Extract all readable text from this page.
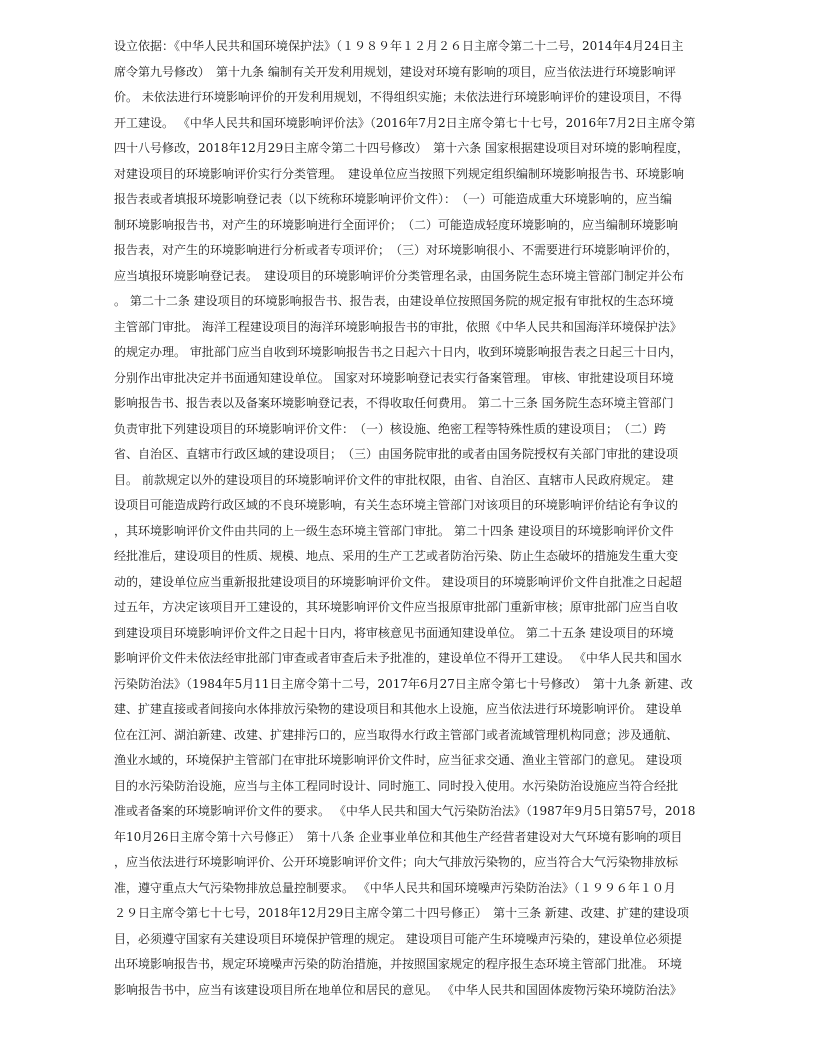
设立依据：《中华人民共和国环境保护法》（１９８９年１２月２６日主席令第二十二号，2014年4月24日主
席令第九号修改）　第十九条 编制有关开发利用规划，建设对环境有影响的项目，应当依法进行环境影响评
价。 未依法进行环境影响评价的开发利用规划，不得组织实施；未依法进行环境影响评价的建设项目，不得
开工建设。 《中华人民共和国环境影响评价法》（2016年7月2日主席令第七十七号，2016年7月2日主席令第
四十八号修改，2018年12月29日主席令第二十四号修改）　第十六条 国家根据建设项目对环境的影响程度，
对建设项目的环境影响评价实行分类管理。　建设单位应当按照下列规定组织编制环境影响报告书、环境影响
报告表或者填报环境影响登记表（以下统称环境影响评价文件）：　（一）可能造成重大环境影响的，应当编
制环境影响报告书，对产生的环境影响进行全面评价；　（二）可能造成轻度环境影响的，应当编制环境影响
报告表，对产生的环境影响进行分析或者专项评价；　（三）对环境影响很小、不需要进行环境影响评价的，
应当填报环境影响登记表。　建设项目的环境影响评价分类管理名录，由国务院生态环境主管部门制定并公布
。 第二十二条 建设项目的环境影响报告书、报告表，由建设单位按照国务院的规定报有审批权的生态环境
主管部门审批。 海洋工程建设项目的海洋环境影响报告书的审批，依照《中华人民共和国海洋环境保护法》
的规定办理。 审批部门应当自收到环境影响报告书之日起六十日内，收到环境影响报告表之日起三十日内，
分别作出审批决定并书面通知建设单位。 国家对环境影响登记表实行备案管理。 审核、审批建设项目环境
影响报告书、报告表以及备案环境影响登记表，不得收取任何费用。 第二十三条 国务院生态环境主管部门
负责审批下列建设项目的环境影响评价文件：　（一）核设施、绝密工程等特殊性质的建设项目；　（二）跨
省、自治区、直辖市行政区域的建设项目；　（三）由国务院审批的或者由国务院授权有关部门审批的建设项
目。 前款规定以外的建设项目的环境影响评价文件的审批权限，由省、自治区、直辖市人民政府规定。 建
设项目可能造成跨行政区域的不良环境影响，有关生态环境主管部门对该项目的环境影响评价结论有争议的
，其环境影响评价文件由共同的上一级生态环境主管部门审批。 第二十四条 建设项目的环境影响评价文件
经批准后，建设项目的性质、规模、地点、采用的生产工艺或者防治污染、防止生态破坏的措施发生重大变
动的，建设单位应当重新报批建设项目的环境影响评价文件。 建设项目的环境影响评价文件自批准之日起超
过五年，方决定该项目开工建设的，其环境影响评价文件应当报原审批部门重新审核；原审批部门应当自收
到建设项目环境影响评价文件之日起十日内，将审核意见书面通知建设单位。 第二十五条 建设项目的环境
影响评价文件未依法经审批部门审查或者审查后未予批准的，建设单位不得开工建设。 《中华人民共和国水
污染防治法》（1984年5月11日主席令第十二号，2017年6月27日主席令第七十号修改）　第十九条 新建、改
建、扩建直接或者间接向水体排放污染物的建设项目和其他水上设施，应当依法进行环境影响评价。 建设单
位在江河、湖泊新建、改建、扩建排污口的，应当取得水行政主管部门或者流域管理机构同意；涉及通航、
渔业水域的，环境保护主管部门在审批环境影响评价文件时，应当征求交通、渔业主管部门的意见。 建设项
目的水污染防治设施，应当与主体工程同时设计、同时施工、同时投入使用。水污染防治设施应当符合经批
准或者备案的环境影响评价文件的要求。 《中华人民共和国大气污染防治法》（1987年9月5日第57号，2018
年10月26日主席令第十六号修正）　第十八条 企业事业单位和其他生产经营者建设对大气环境有影响的项目
，应当依法进行环境影响评价、公开环境影响评价文件；向大气排放污染物的，应当符合大气污染物排放标
准，遵守重点大气污染物排放总量控制要求。 《中华人民共和国环境噪声污染防治法》（１９９６年１０月
２９日主席令第七十七号，2018年12月29日主席令第二十四号修正）　第十三条 新建、改建、扩建的建设项
目，必须遵守国家有关建设项目环境保护管理的规定。 建设项目可能产生环境噪声污染的，建设单位必须提
出环境影响报告书，规定环境噪声污染的防治措施，并按照国家规定的程序报生态环境主管部门批准。 环境
影响报告书中，应当有该建设项目所在地单位和居民的意见。 《中华人民共和国固体废物污染环境防治法》
